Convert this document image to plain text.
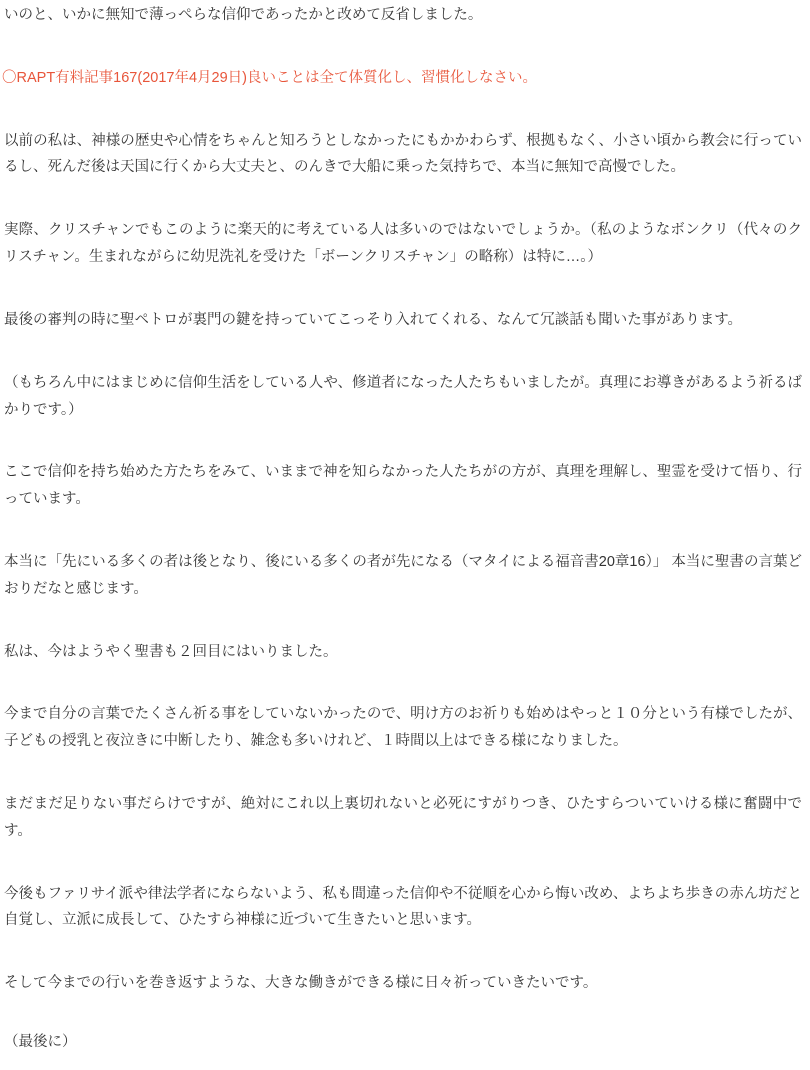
いのと、いかに無知で薄っぺらな信仰であったかと改めて反省しました。

〇RAPT有料記事167(2017年4月29日)良いことは全て体質化し、習慣化しなさい。

以前の私は、神様の歴史や心情をちゃんと知ろうとしなかったにもかかわらず、根拠もなく、小さい頃から教会に行っているし、死んだ後は天国に行くから大丈夫と、のんきで大船に乗った気持ちで、本当に無知で高慢でした。

実際、クリスチャンでもこのように楽天的に考えている人は多いのではないでしょうか。（私のようなボンクリ（代々のクリスチャン。生まれながらに幼児洗礼を受けた「ボーンクリスチャン」の略称）は特に…。）

最後の審判の時に聖ペトロが裏門の鍵を持っていてこっそり入れてくれる、なんて冗談話も聞いた事があります。

（もちろん中にはまじめに信仰生活をしている人や、修道者になった人たちもいましたが。真理にお導きがあるよう祈るばかりです。）

ここで信仰を持ち始めた方たちをみて、いままで神を知らなかった人たちがの方が、真理を理解し、聖霊を受けて悟り、行っています。

本当に「先にいる多くの者は後となり、後にいる多くの者が先になる（マタイによる福音書20章16）」 本当に聖書の言葉どおりだなと感じます。

私は、今はようやく聖書も２回目にはいりました。

今まで自分の言葉でたくさん祈る事をしていないかったので、明け方のお祈りも始めはやっと１０分という有様でしたが、子どもの授乳と夜泣きに中断したり、雑念も多いけれど、１時間以上はできる様になりました。

まだまだ足りない事だらけですが、絶対にこれ以上裏切れないと必死にすがりつき、ひたすらついていける様に奮闘中です。

今後もファリサイ派や律法学者にならないよう、私も間違った信仰や不従順を心から悔い改め、よちよち歩きの赤ん坊だと自覚し、立派に成長して、ひたすら神様に近づいて生きたいと思います。

そして今までの行いを巻き返すような、大きな働きができる様に日々祈っていきたいです。

（最後に）
